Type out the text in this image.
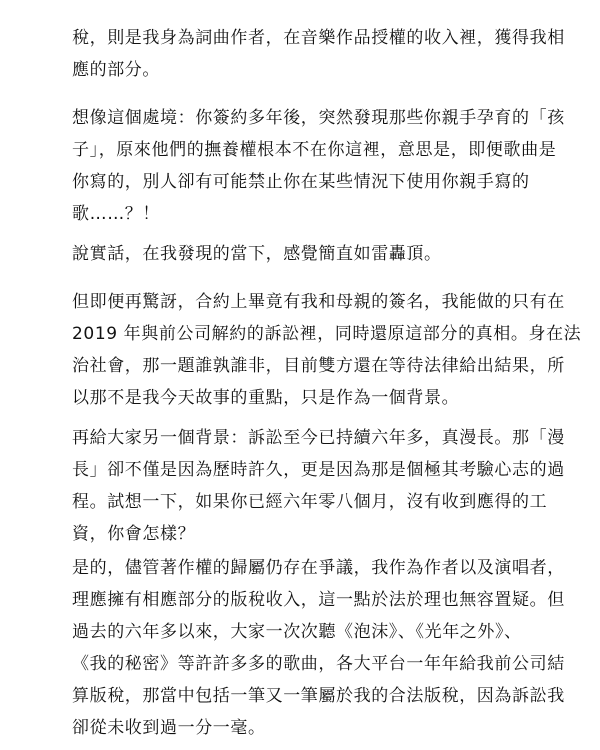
稅，則是我身為詞曲作者，在音樂作品授權的收入裡，獲得我相
應的部分。

想像這個處境：你簽約多年後，突然發現那些你親手孕育的「孩
子」，原來他們的撫養權根本不在你這裡，意思是，即便歌曲是
你寫的，別人卻有可能禁止你在某些情況下使用你親手寫的
歌……？！

說實話，在我發現的當下，感覺簡直如雷轟頂。

但即便再驚訝，合約上畢竟有我和母親的簽名，我能做的只有在
2019 年與前公司解約的訴訟裡，同時還原這部分的真相。身在法
治社會，那一題誰孰誰非，目前雙方還在等待法律給出結果，所
以那不是我今天故事的重點，只是作為一個背景。

再給大家另一個背景：訴訟至今已持續六年多，真漫長。那「漫
長」卻不僅是因為歷時許久，更是因為那是個極其考驗心志的過
程。試想一下，如果你已經六年零八個月，沒有收到應得的工
資，你會怎樣？

是的，儘管著作權的歸屬仍存在爭議，我作為作者以及演唱者，
理應擁有相應部分的版稅收入，這一點於法於理也無容置疑。但
過去的六年多以來，大家一次次聽《泡沫》、《光年之外》、
《我的秘密》等許許多多的歌曲，各大平台一年年給我前公司結
算版稅，那當中包括一筆又一筆屬於我的合法版稅，因為訴訟我
卻從未收到過一分一毫。
